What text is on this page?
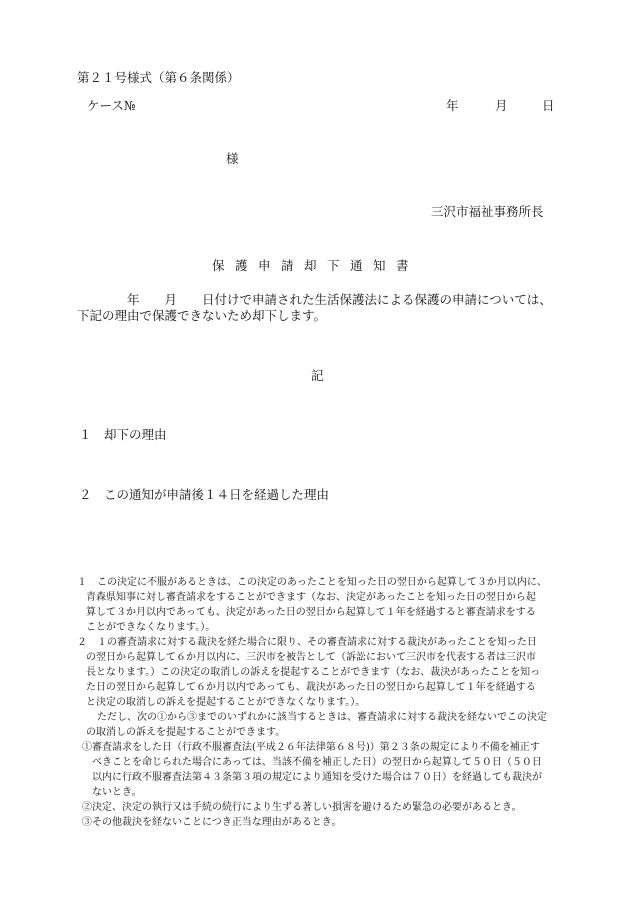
第２１号様式（第６条関係）
ケース№	年	月	日
様
三沢市福祉事務所長
保護申請却下通知書

年　　月　　日付けで申請された生活保護法による保護の申請については、

下記の理由で保護できないため却下します。

記
１　却下の理由
２　この通知が申請後１４日を経過した理由

１　この決定に不服があるときは、この決定のあったことを知った日の翌日から起算して３か月以内に、

青森県知事に対し審査請求をすることができます（なお、決定があったことを知った日の翌日から起

算して３か月以内であっても、決定があった日の翌日から起算して１年を経過すると審査請求をする

ことができなくなります。）。

２　１の審査請求に対する裁決を経た場合に限り、その審査請求に対する裁決があったことを知った日

の翌日から起算して６か月以内に、三沢市を被告として（訴訟において三沢市を代表する者は三沢市

長となります。）この決定の取消しの訴えを提起することができます（なお、裁決があったことを知っ

た日の翌日から起算して６か月以内であっても、裁決があった日の翌日から起算して１年を経過する

と決定の取消しの訴えを提起することができなくなります。）。

ただし、次の①から③までのいずれかに該当するときは、審査請求に対する裁決を経ないでこの決定

の取消しの訴えを提起することができます。

①審査請求をした日（行政不服審査法(平成２６年法律第６８号)）第２３条の規定により不備を補正す

べきことを命じられた場合にあっては、当該不備を補正した日）の翌日から起算して５０日（５０日

以内に行政不服審査法第４３条第３項の規定により通知を受けた場合は７０日）を経過しても裁決が

ないとき。

②決定、決定の執行又は手続の続行により生ずる著しい損害を避けるため緊急の必要があるとき。

③その他裁決を経ないことにつき正当な理由があるとき。
